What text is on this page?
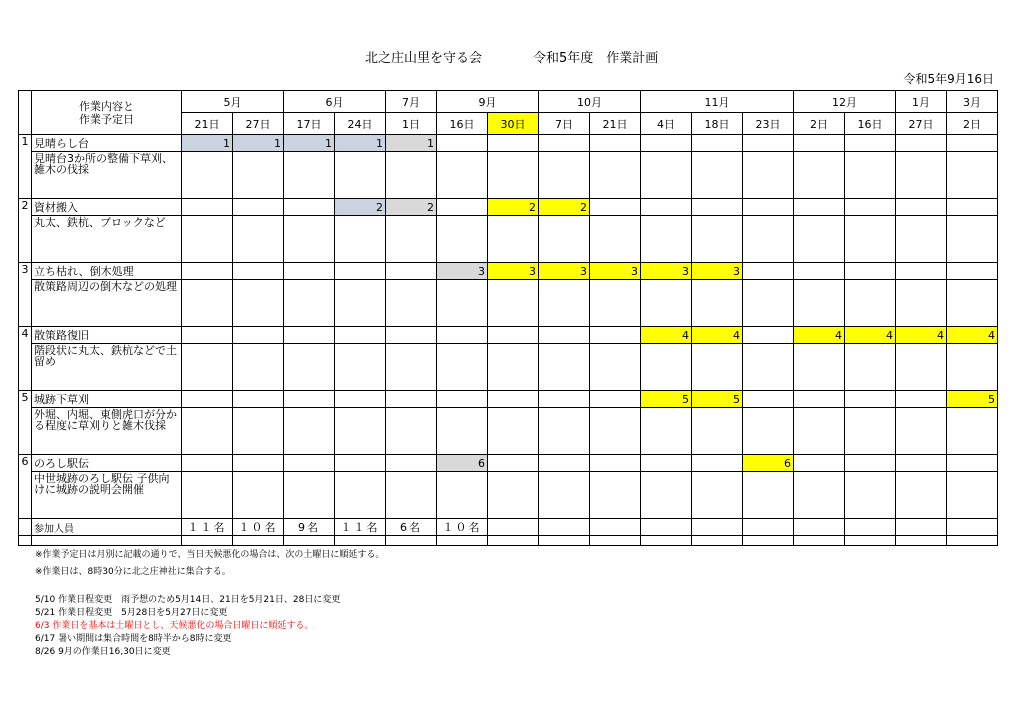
北之庄山里を守る会	令和5年度　作業計画
令和5年9月16日

	作業内容と
作業予定日	5月		6月		7月	9月		10月		11月			12月		1月	3月
		21日	27日	17日	24日	1日	16日	30日	7日	21日	4日	18日	23日	2日	16日	27日	2日
1	見晴らし台	1	1	1	1	1											
	見晴台3か所の整備下草刈、雑木の伐採																
2	資材搬入				2	2		2	2								
	丸太、鉄杭、ブロックなど																
3	立ち枯れ、倒木処理						3	3	3	3	3	3					
	散策路周辺の倒木などの処理																
4	散策路復旧										4	4		4	4	4	4
	階段状に丸太、鉄杭などで土留め																
5	城跡下草刈										5	5					5
	外堀、内堀、東側虎口が分かる程度に草刈りと雑木伐採																
6	のろし駅伝						6						6				
	中世城跡のろし駅伝 子供向けに城跡の説明会開催																
	参加人員	１１名	１０名	9名	１１名	6名	１０名										

※作業予定日は月別に記載の通りで、当日天候悪化の場合は、次の土曜日に順延する。
※作業日は、8時30分に北之庄神社に集合する。
5/10 作業日程変更　雨予想のため5月14日、21日を5月21日、28日に変更
5/21 作業日程変更　5月28日を5月27日に変更
6/3 作業日を基本は土曜日とし、天候悪化の場合日曜日に順延する。
6/17 暑い期間は集合時間を8時半から8時に変更
8/26 9月の作業日16,30日に変更
